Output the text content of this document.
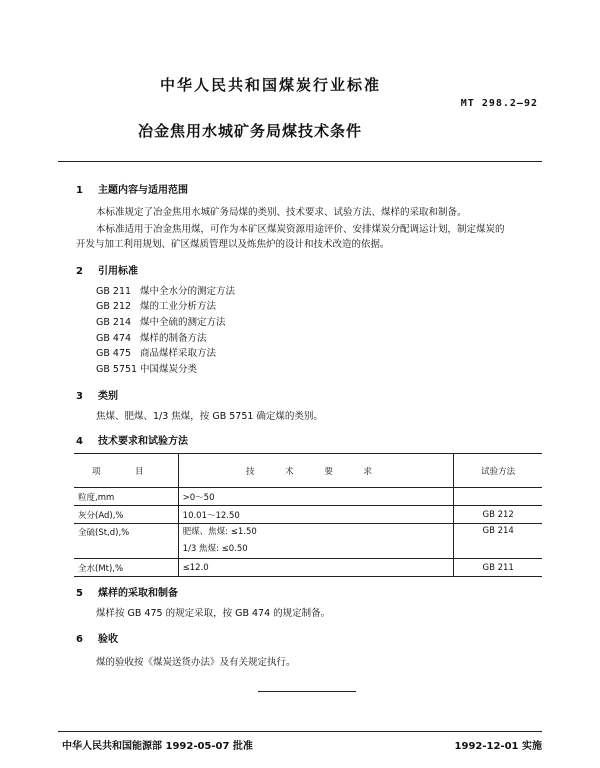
中华人民共和国煤炭行业标准
MT 298.2—92
冶金焦用水城矿务局煤技术条件
1 主题内容与适用范围
本标准规定了冶金焦用水城矿务局煤的类别、技术要求、试验方法、煤样的采取和制备。
本标准适用于冶金焦用煤，可作为本矿区煤炭资源用途评价、安排煤炭分配调运计划，制定煤炭的
开发与加工利用规划、矿区煤质管理以及炼焦炉的设计和技术改造的依据。
2 引用标准
GB 211 煤中全水分的测定方法
GB 212 煤的工业分析方法
GB 214 煤中全硫的测定方法
GB 474 煤样的制备方法
GB 475 商品煤样采取方法
GB 5751 中国煤炭分类
3 类别
焦煤、肥煤、1/3 焦煤，按 GB 5751 确定煤的类别。
4 技术要求和试验方法
项 目	技 术 要 求	试验方法
粒度,mm	>0～50	
灰分(Ad),%	10.01～12.50	GB 212
全硫(St,d),%	肥煤、焦煤: ≤1.50
1/3 焦煤: ≤0.50	GB 214
全水(Mt),%	≤12.0	GB 211
5 煤样的采取和制备
煤样按 GB 475 的规定采取，按 GB 474 的规定制备。
6 验收
煤的验收按《煤炭送货办法》及有关规定执行。
中华人民共和国能源部 1992-05-07 批准	1992-12-01 实施
